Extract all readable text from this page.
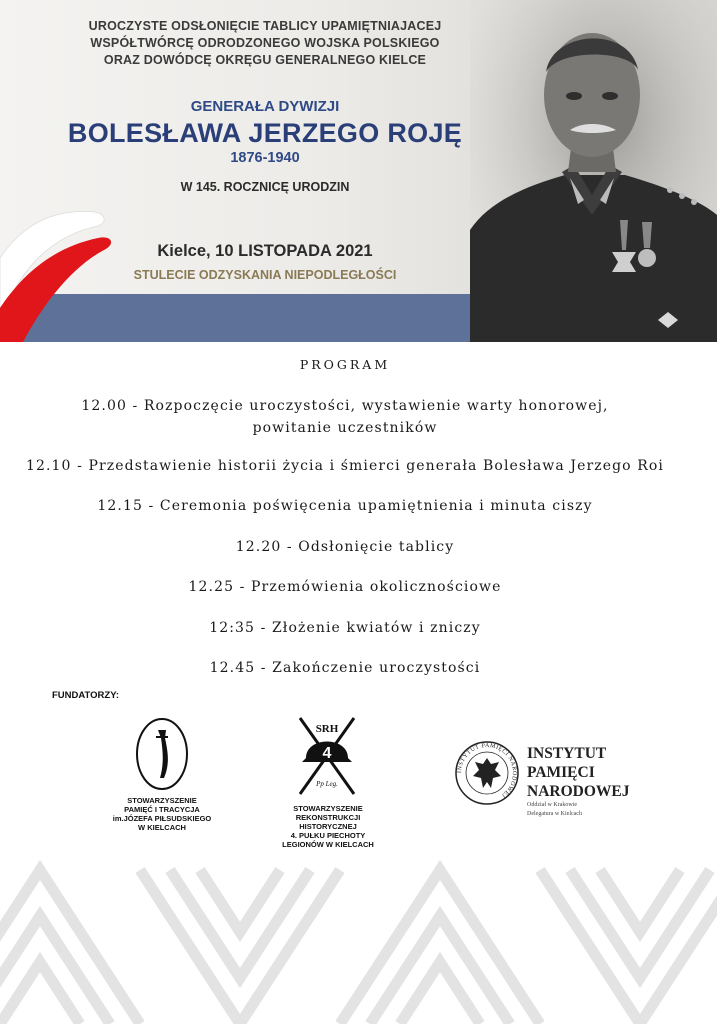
UROCZYSTE ODSŁONIĘCIE TABLICY UPAMIĘTNIAJACEJ
WSPÓŁTWÓRCĘ ODRODZONEGO WOJSKA POLSKIEGO
ORAZ DOWÓDCĘ OKRĘGU GENERALNEGO KIELCE
GENERAŁA DYWIZJI
BOLESŁAWA JERZEGO ROJĘ
1876-1940
W 145. ROCZNICĘ URODZIN
Kielce, 10 LISTOPADA 2021
STULECIE ODZYSKANIA NIEPODLEGŁOŚCI
PROGRAM
12.00 - Rozpoczęcie uroczystości, wystawienie warty honorowej,
powitanie uczestników
12.10 - Przedstawienie historii życia i śmierci generała Bolesława Jerzego Roi
12.15 - Ceremonia poświęcenia upamiętnienia i minuta ciszy
12.20 - Odsłonięcie tablicy
12.25 - Przemówienia okolicznościowe
12:35 - Złożenie kwiatów i zniczy
12.45 - Zakończenie uroczystości
FUNDATORZY:
STOWARZYSZENIE
PAMIĘĆ I TRACYCJA
im.JÓZEFA PIŁSUDSKIEGO
W KIELCACH
SRH
4
Pp Leg.
STOWARZYSZENIE
REKONSTRUKCJI
HISTORYCZNEJ
4. PUŁKU PIECHOTY
LEGIONÓW W KIELCACH
INSTYTUT PAMIĘCI NARODOWEJ
INSTYTUT
PAMIĘCI
NARODOWEJ
Oddział w Krakowie
Delegatura w Kielcach
